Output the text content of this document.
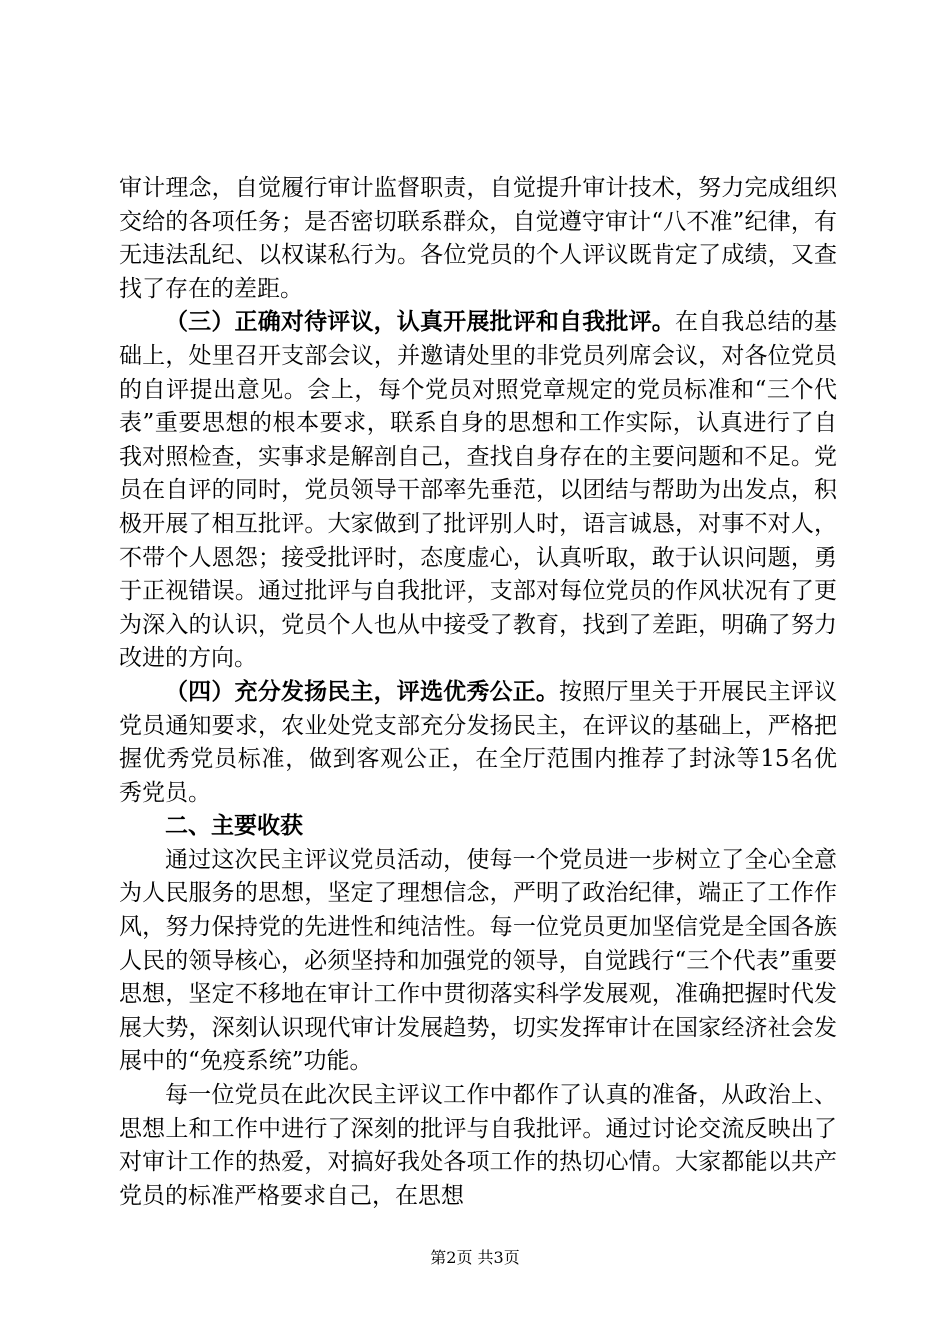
审计理念，自觉履行审计监督职责，自觉提升审计技术，努力完成组织交给的各项任务；是否密切联系群众，自觉遵守审计“八不准”纪律，有无违法乱纪、以权谋私行为。各位党员的个人评议既肯定了成绩，又查找了存在的差距。

（三）正确对待评议，认真开展批评和自我批评。在自我总结的基础上，处里召开支部会议，并邀请处里的非党员列席会议，对各位党员的自评提出意见。会上，每个党员对照党章规定的党员标准和“三个代表”重要思想的根本要求，联系自身的思想和工作实际，认真进行了自我对照检查，实事求是解剖自己，查找自身存在的主要问题和不足。党员在自评的同时，党员领导干部率先垂范，以团结与帮助为出发点，积极开展了相互批评。大家做到了批评别人时，语言诚恳，对事不对人，不带个人恩怨；接受批评时，态度虚心，认真听取，敢于认识问题，勇于正视错误。通过批评与自我批评，支部对每位党员的作风状况有了更为深入的认识，党员个人也从中接受了教育，找到了差距，明确了努力改进的方向。

（四）充分发扬民主，评选优秀公正。按照厅里关于开展民主评议党员通知要求，农业处党支部充分发扬民主，在评议的基础上，严格把握优秀党员标准，做到客观公正，在全厅范围内推荐了封泳等15名优秀党员。

二、主要收获

通过这次民主评议党员活动，使每一个党员进一步树立了全心全意为人民服务的思想，坚定了理想信念，严明了政治纪律，端正了工作作风，努力保持党的先进性和纯洁性。每一位党员更加坚信党是全国各族人民的领导核心，必须坚持和加强党的领导，自觉践行“三个代表”重要思想，坚定不移地在审计工作中贯彻落实科学发展观，准确把握时代发展大势，深刻认识现代审计发展趋势，切实发挥审计在国家经济社会发展中的“免疫系统”功能。

每一位党员在此次民主评议工作中都作了认真的准备，从政治上、思想上和工作中进行了深刻的批评与自我批评。通过讨论交流反映出了对审计工作的热爱，对搞好我处各项工作的热切心情。大家都能以共产党员的标准严格要求自己，在思想

第2页 共3页
